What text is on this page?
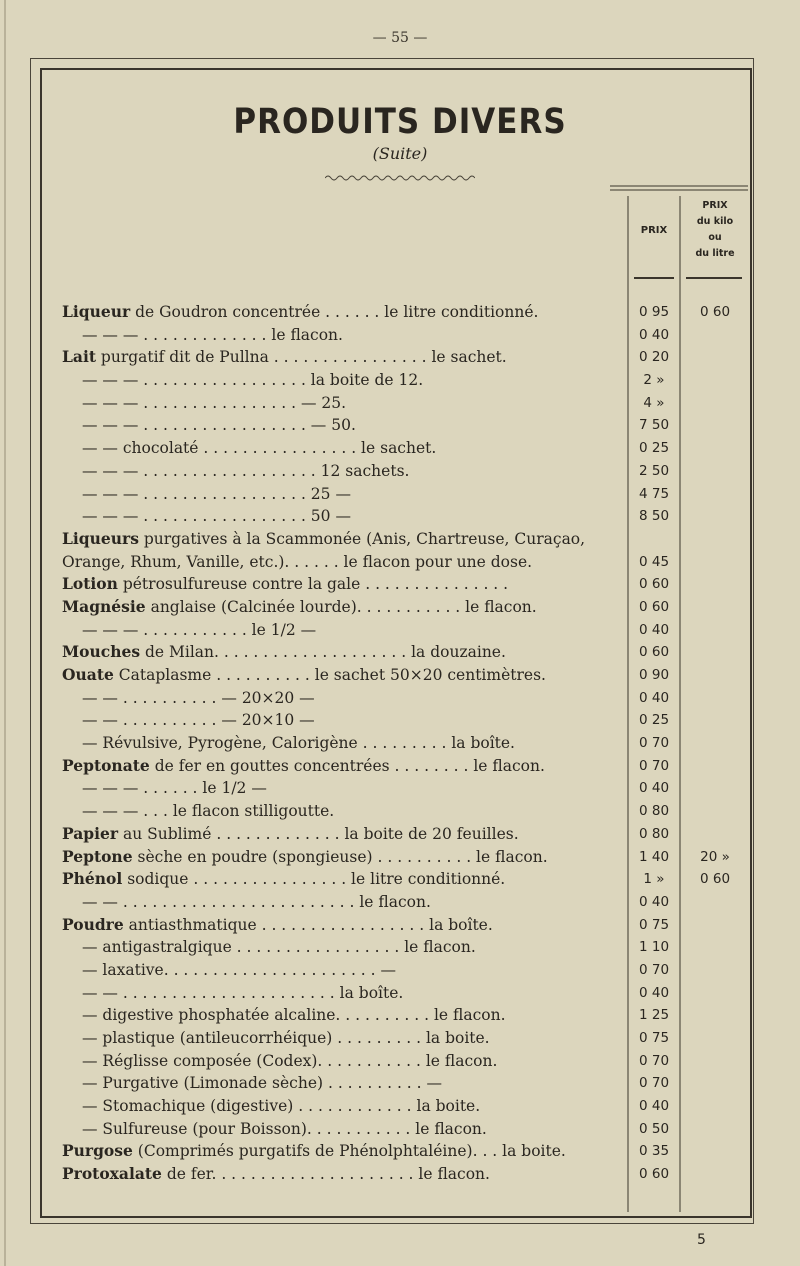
— 55 —
PRODUITS DIVERS
(Suite)
PRIX
PRIX
du kilo
ou
du litre
Liqueur de Goudron concentrée . . . . . . le litre conditionné.	0 95	0 60
— — — . . . . . . . . . . . . . le flacon.	0 40
Lait purgatif dit de Pullna . . . . . . . . . . . . . . . . le sachet.	0 20
— — — . . . . . . . . . . . . . . . . . la boite de 12.	2 »
— — — . . . . . . . . . . . . . . . . — 25.	4 »
— — — . . . . . . . . . . . . . . . . . — 50.	7 50
— — chocolaté . . . . . . . . . . . . . . . . le sachet.	0 25
— — — . . . . . . . . . . . . . . . . . . 12 sachets.	2 50
— — — . . . . . . . . . . . . . . . . . 25 —	4 75
— — — . . . . . . . . . . . . . . . . . 50 —	8 50
Liqueurs purgatives à la Scammonée (Anis, Chartreuse, Curaçao, Orange, Rhum, Vanille, etc.). . . . . . le flacon pour une dose.	0 45
Lotion pétrosulfureuse contre la gale . . . . . . . . . . . . . . .	0 60
Magnésie anglaise (Calcinée lourde). . . . . . . . . . . le flacon.	0 60
— — — . . . . . . . . . . . le 1/2 —	0 40
Mouches de Milan. . . . . . . . . . . . . . . . . . . . la douzaine.	0 60
Ouate Cataplasme . . . . . . . . . . le sachet 50×20 centimètres.	0 90
— — . . . . . . . . . . — 20×20 —	0 40
— — . . . . . . . . . . — 20×10 —	0 25
— Révulsive, Pyrogène, Calorigène . . . . . . . . . la boîte.	0 70
Peptonate de fer en gouttes concentrées . . . . . . . . le flacon.	0 70
— — — . . . . . . le 1/2 —	0 40
— — — . . . le flacon stilligoutte.	0 80
Papier au Sublimé . . . . . . . . . . . . . la boite de 20 feuilles.	0 80
Peptone sèche en poudre (spongieuse) . . . . . . . . . . le flacon.	1 40	20 »
Phénol sodique . . . . . . . . . . . . . . . . le litre conditionné.	1 »	0 60
— — . . . . . . . . . . . . . . . . . . . . . . . . le flacon.	0 40
Poudre antiasthmatique . . . . . . . . . . . . . . . . . la boîte.	0 75
— antigastralgique . . . . . . . . . . . . . . . . . le flacon.	1 10
— laxative. . . . . . . . . . . . . . . . . . . . . . —	0 70
— — . . . . . . . . . . . . . . . . . . . . . . la boîte.	0 40
— digestive phosphatée alcaline. . . . . . . . . . le flacon.	1 25
— plastique (antileucorrhéique) . . . . . . . . . la boite.	0 75
— Réglisse composée (Codex). . . . . . . . . . . le flacon.	0 70
— Purgative (Limonade sèche) . . . . . . . . . . —	0 70
— Stomachique (digestive) . . . . . . . . . . . . la boite.	0 40
— Sulfureuse (pour Boisson). . . . . . . . . . . le flacon.	0 50
Purgose (Comprimés purgatifs de Phénolphtaléine). . . la boite.	0 35
Protoxalate de fer. . . . . . . . . . . . . . . . . . . . . le flacon.	0 60
5
